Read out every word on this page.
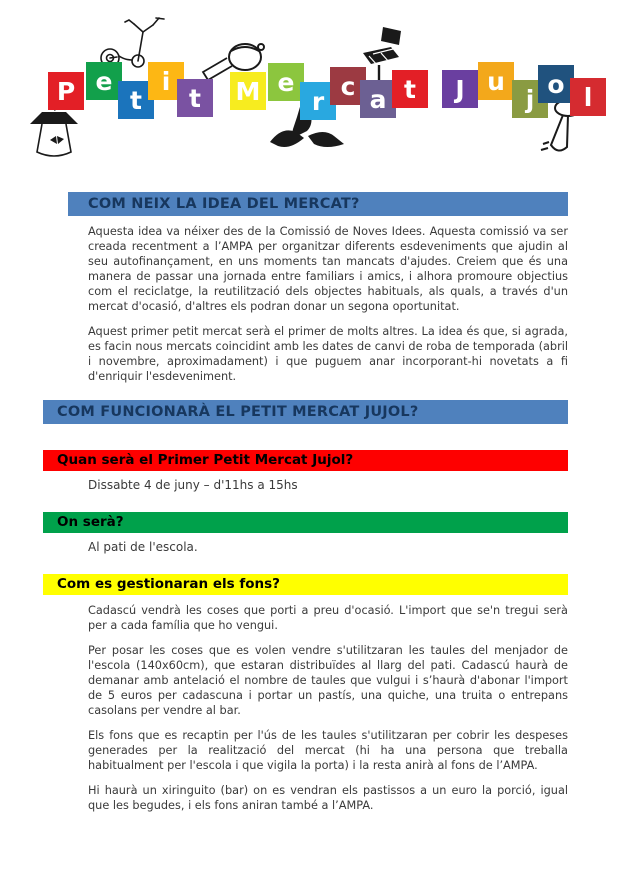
P e
t
i
t	M e
r
c a t	J u
j
o l
COM NEIX LA IDEA DEL MERCAT?

Aquesta idea va néixer des de la Comissió de Noves Idees. Aquesta comissió va ser creada recentment a l’AMPA per organitzar diferents esdeveniments que ajudin al seu autofinançament, en uns moments tan mancats d'ajudes. Creiem que és una manera de passar una jornada entre familiars i amics, i alhora promoure objectius com el reciclatge, la reutilització dels objectes habituals, als quals, a través d'un mercat d'ocasió, d'altres els podran donar un segona oportunitat.

Aquest primer petit mercat serà el primer de molts altres. La idea és que, si agrada, es facin nous mercats coincidint amb les dates de canvi de roba de temporada (abril i novembre, aproximadament) i que puguem anar incorporant-hi novetats a fi d'enriquir l'esdeveniment.

COM FUNCIONARÀ EL PETIT MERCAT JUJOL?
Quan serà el Primer Petit Mercat Jujol?

Dissabte 4 de juny – d'11hs a 15hs

On serà?

Al pati de l'escola.

Com es gestionaran els fons?

Cadascú vendrà les coses que porti a preu d'ocasió. L'import que se'n tregui serà per a cada família que ho vengui.

Per posar les coses que es volen vendre s'utilitzaran les taules del menjador de l'escola (140x60cm), que estaran distribuïdes al llarg del pati. Cadascú haurà de demanar amb antelació el nombre de taules que vulgui i s’haurà d'abonar l'import de 5 euros per cadascuna i portar un pastís, una quiche, una truita o entrepans casolans per vendre al bar.

Els fons que es recaptin per l'ús de les taules s'utilitzaran per cobrir les despeses generades per la realització del mercat (hi ha una persona que treballa habitualment per l'escola i que vigila la porta) i la resta anirà al fons de l’AMPA.

Hi haurà un xiringuito (bar) on es vendran els pastissos a un euro la porció, igual que les begudes, i els fons aniran també a l’AMPA.
